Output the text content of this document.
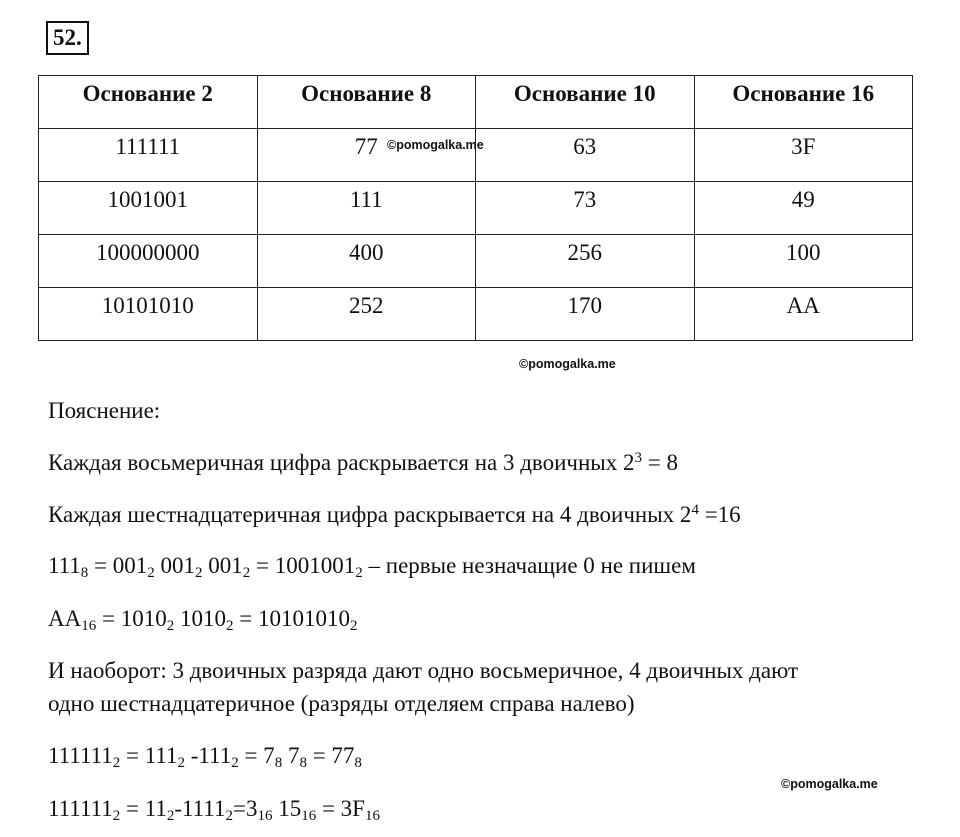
52.
Основание 2	Основание 8	Основание 10	Основание 16
111111	77	63	3F
1001001	111	73	49
100000000	400	256	100
10101010	252	170	AA
©pomogalka.me
©pomogalka.me
Пояснение:
Каждая восьмеричная цифра раскрывается на 3 двоичных $2^3 = 8$
Каждая шестнадцатеричная цифра раскрывается на 4 двоичных $2^4 =16$
$111_8 = 001_2$ $001_2$ $001_2 = 1001001_2$ – первые незначащие 0 не пишем
$AA_{16} = 1010_2$ $1010_2 = 10101010_2$
И наоборот: 3 двоичных разряда дают одно восьмеричное, 4 двоичных дают
одно шестнадцатеричное (разряды отделяем справа налево)
$111111_2 = 111_2$ $-111_2 = 7_8$ $7_8 = 77_8$
©pomogalka.me
$111111_2 = 11_2-1111_2=3_{16}$ $15_{16} = 3F_{16}$
